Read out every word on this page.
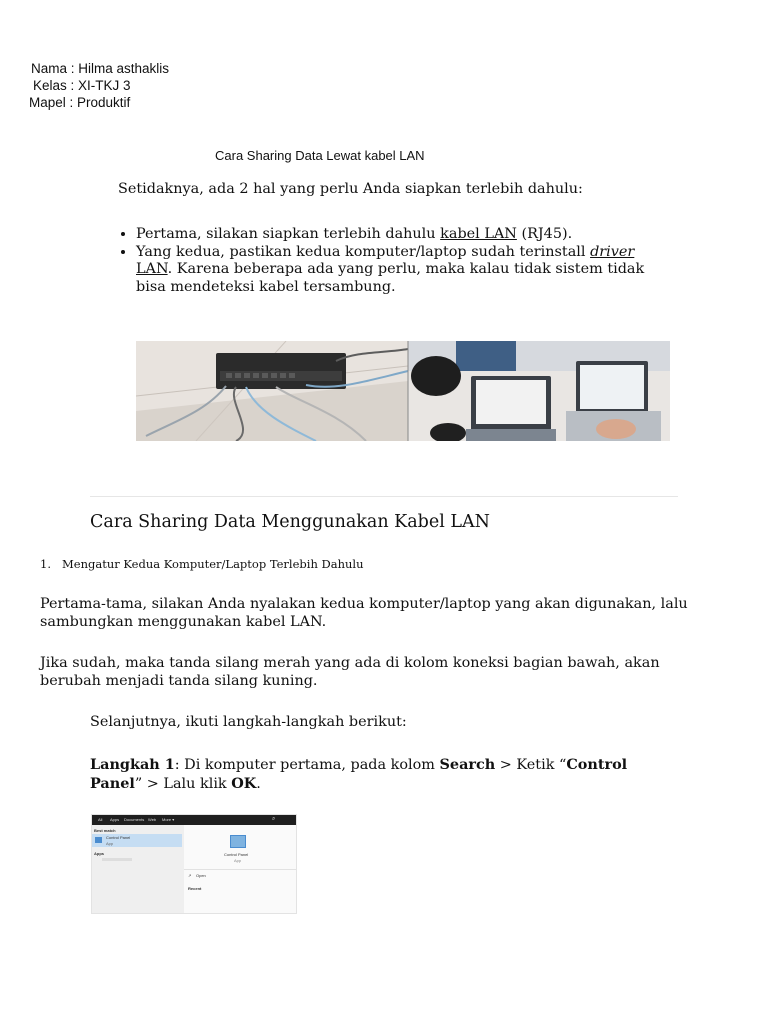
Nama : Hilma asthaklis
Kelas : XI-TKJ 3
Mapel : Produktif
Cara Sharing Data Lewat kabel LAN
Setidaknya, ada 2 hal yang perlu Anda siapkan terlebih dahulu:
• Pertama, silakan siapkan terlebih dahulu kabel LAN (RJ45).
• Yang kedua, pastikan kedua komputer/laptop sudah terinstall driver LAN. Karena beberapa ada yang perlu, maka kalau tidak sistem tidak bisa mendeteksi kabel tersambung.
Cara Sharing Data Menggunakan Kabel LAN
1. Mengatur Kedua Komputer/Laptop Terlebih Dahulu
Pertama-tama, silakan Anda nyalakan kedua komputer/laptop yang akan digunakan, lalu sambungkan menggunakan kabel LAN.
Jika sudah, maka tanda silang merah yang ada di kolom koneksi bagian bawah, akan berubah menjadi tanda silang kuning.
Selanjutnya, ikuti langkah-langkah berikut:
Langkah 1: Di komputer pertama, pada kolom Search > Ketik “Control Panel” > Lalu klik OK.
All Apps Documents Web More ▾	⌕
Best match
Control Panel
App
Apps	Control Panel
App
↗ Open
Recent
